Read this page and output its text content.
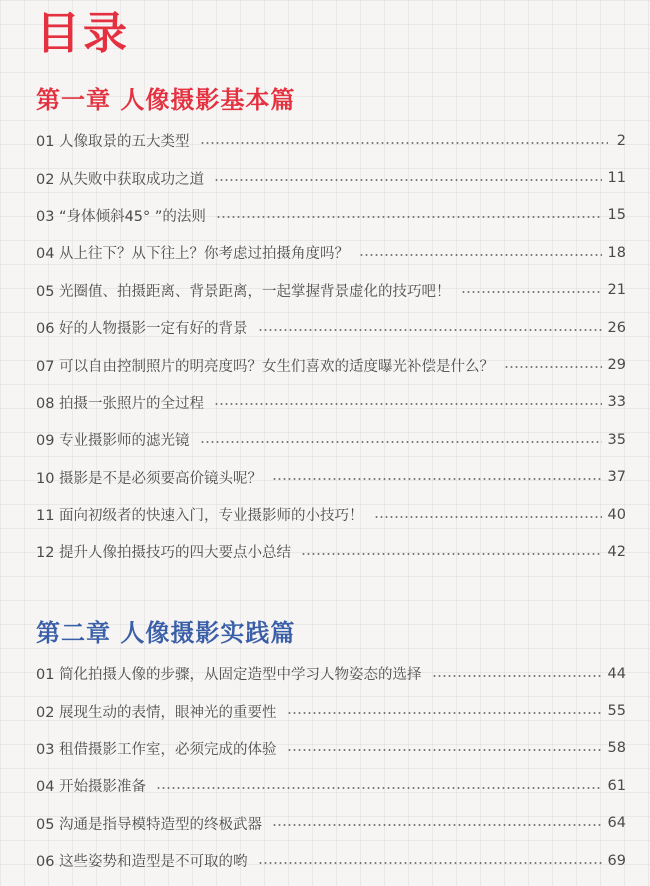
目录
第一章 人像摄影基本篇
01 人像取景的五大类型	2
02 从失败中获取成功之道	11
03 “身体倾斜45° ”的法则	15
04 从上往下？从下往上？你考虑过拍摄角度吗？	18
05 光圈值、拍摄距离、背景距离，一起掌握背景虚化的技巧吧！	21
06 好的人物摄影一定有好的背景	26
07 可以自由控制照片的明亮度吗？女生们喜欢的适度曝光补偿是什么？	29
08 拍摄一张照片的全过程	33
09 专业摄影师的滤光镜	35
10 摄影是不是必须要高价镜头呢？	37
11 面向初级者的快速入门，专业摄影师的小技巧！	40
12 提升人像拍摄技巧的四大要点小总结	42
第二章 人像摄影实践篇
01 简化拍摄人像的步骤，从固定造型中学习人物姿态的选择	44
02 展现生动的表情，眼神光的重要性	55
03 租借摄影工作室，必须完成的体验	58
04 开始摄影准备	61
05 沟通是指导模特造型的终极武器	64
06 这些姿势和造型是不可取的哟	69
